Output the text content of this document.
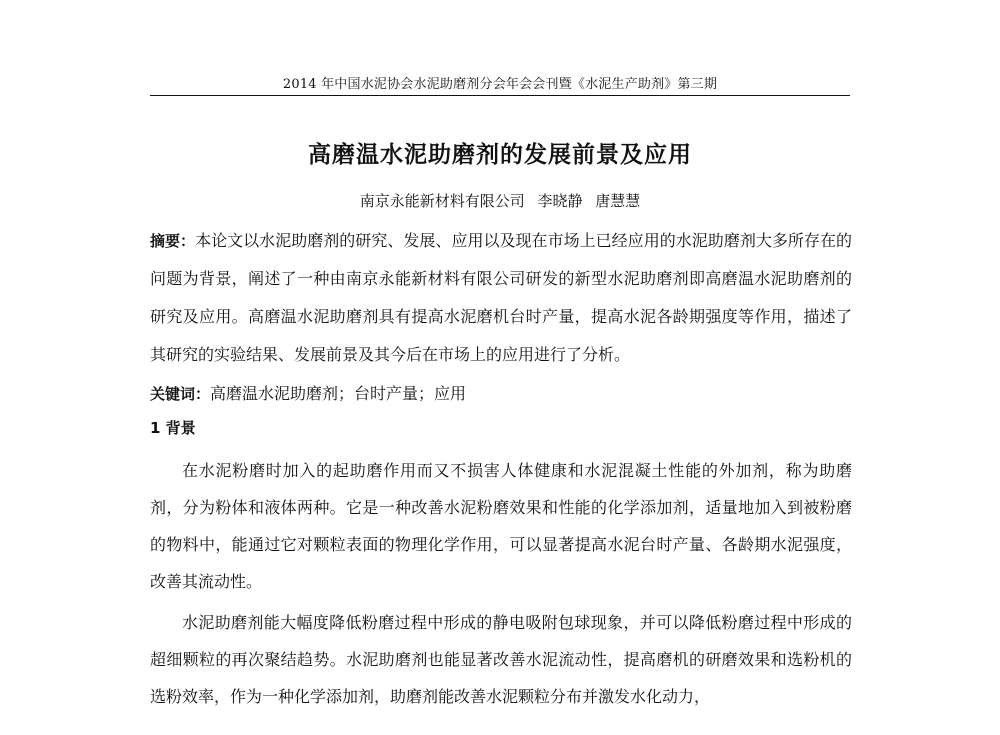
2014 年中国水泥协会水泥助磨剂分会年会会刊暨《水泥生产助剂》第三期
高磨温水泥助磨剂的发展前景及应用
南京永能新材料有限公司 李晓静 唐慧慧

摘要：本论文以水泥助磨剂的研究、发展、应用以及现在市场上已经应用的水泥助磨剂大多所存在的问题为背景，阐述了一种由南京永能新材料有限公司研发的新型水泥助磨剂即高磨温水泥助磨剂的研究及应用。高磨温水泥助磨剂具有提高水泥磨机台时产量，提高水泥各龄期强度等作用，描述了其研究的实验结果、发展前景及其今后在市场上的应用进行了分析。

关键词：高磨温水泥助磨剂；台时产量；应用
1 背景

在水泥粉磨时加入的起助磨作用而又不损害人体健康和水泥混凝土性能的外加剂，称为助磨剂，分为粉体和液体两种。它是一种改善水泥粉磨效果和性能的化学添加剂，适量地加入到被粉磨的物料中，能通过它对颗粒表面的物理化学作用，可以显著提高水泥台时产量、各龄期水泥强度，改善其流动性。

水泥助磨剂能大幅度降低粉磨过程中形成的静电吸附包球现象，并可以降低粉磨过程中形成的超细颗粒的再次聚结趋势。水泥助磨剂也能显著改善水泥流动性，提高磨机的研磨效果和选粉机的选粉效率，作为一种化学添加剂，助磨剂能改善水泥颗粒分布并激发水化动力，
